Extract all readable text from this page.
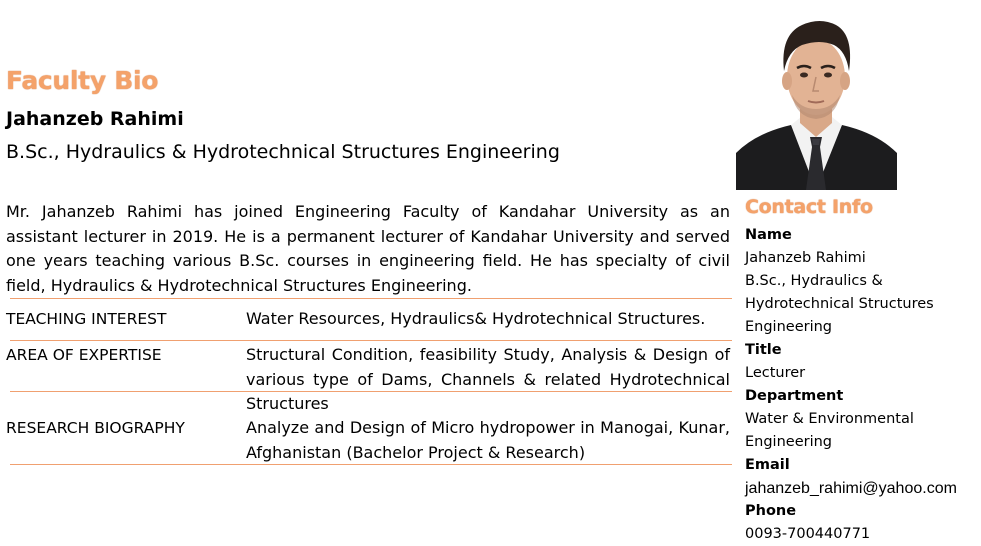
Faculty Bio
Jahanzeb Rahimi
B.Sc., Hydraulics & Hydrotechnical Structures Engineering
Mr. Jahanzeb Rahimi has joined Engineering Faculty of Kandahar University as an assistant lecturer in 2019. He is a permanent lecturer of Kandahar University and served one years teaching various B.Sc. courses in engineering field. He has specialty of civil field, Hydraulics & Hydrotechnical Structures Engineering.
TEACHING INTEREST	Water Resources, Hydraulics& Hydrotechnical Structures.
AREA OF EXPERTISE	Structural Condition, feasibility Study, Analysis & Design of various type of Dams, Channels & related Hydrotechnical Structures
RESEARCH BIOGRAPHY	Analyze and Design of Micro hydropower in Manogai, Kunar, Afghanistan (Bachelor Project & Research)
Contact Info
Name
Jahanzeb Rahimi
B.Sc., Hydraulics & Hydrotechnical Structures Engineering
Title
Lecturer
Department
Water & Environmental Engineering
Email
jahanzeb_rahimi@yahoo.com
Phone
0093-700440771
